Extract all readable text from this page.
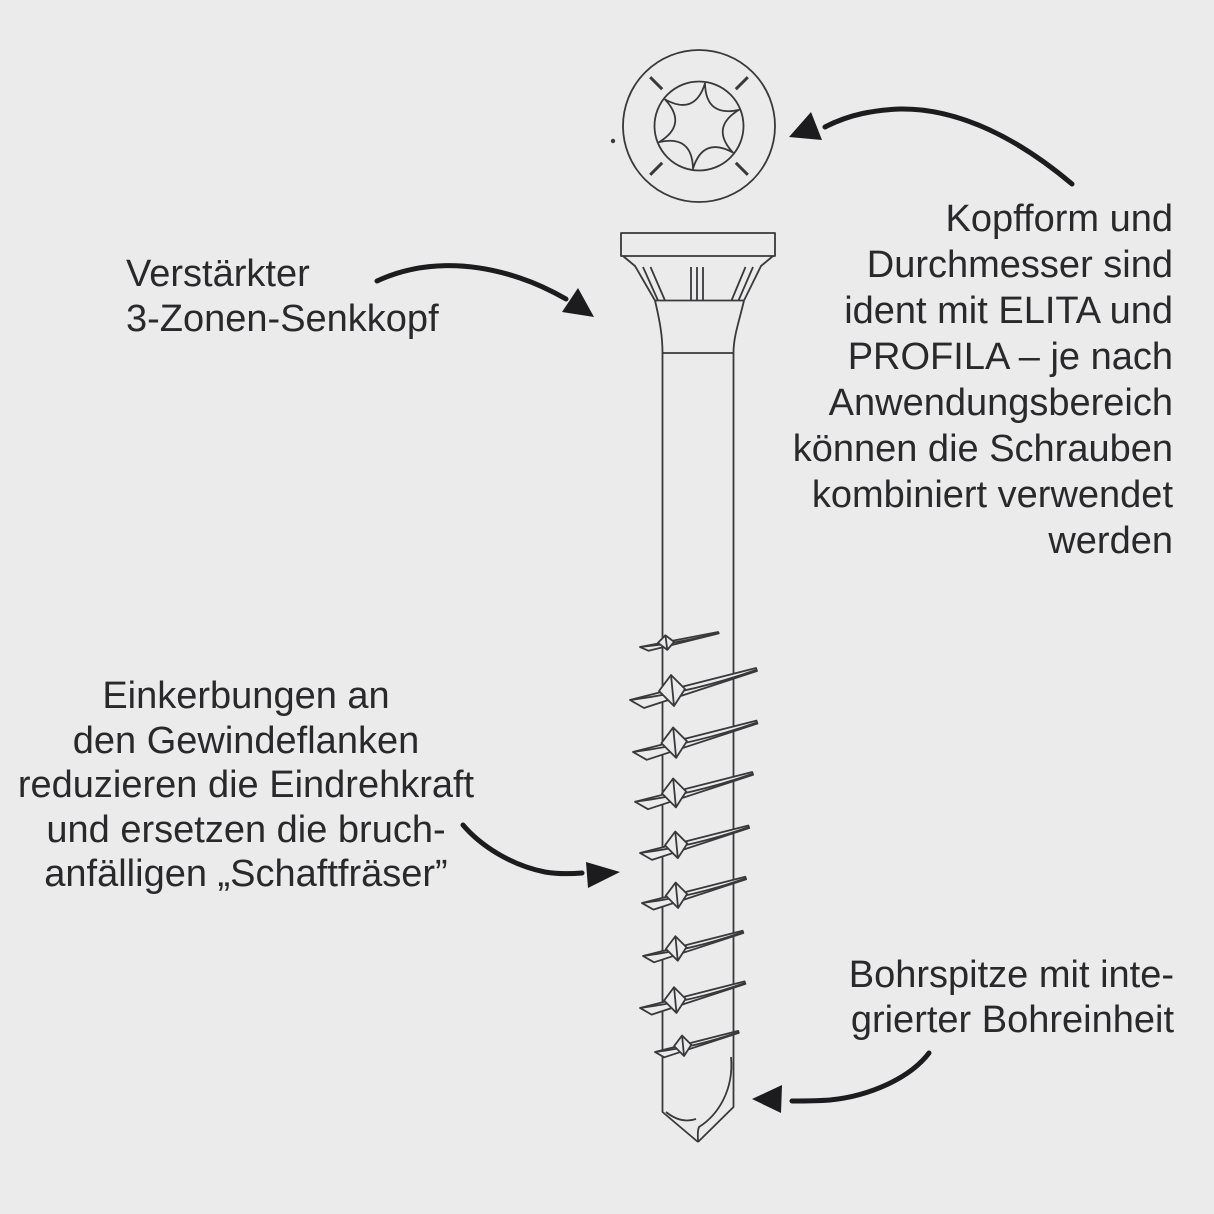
Verstärkter
3-Zonen-Senkkopf
Kopfform und
Durchmesser sind
ident mit ELITA und
PROFILA – je nach
Anwendungsbereich
können die Schrauben
kombiniert verwendet
werden
Einkerbungen an
den Gewindeflanken
reduzieren die Eindrehkraft
und ersetzen die bruch-
anfälligen „Schaftfräser”
Bohrspitze mit inte-
grierter Bohreinheit
